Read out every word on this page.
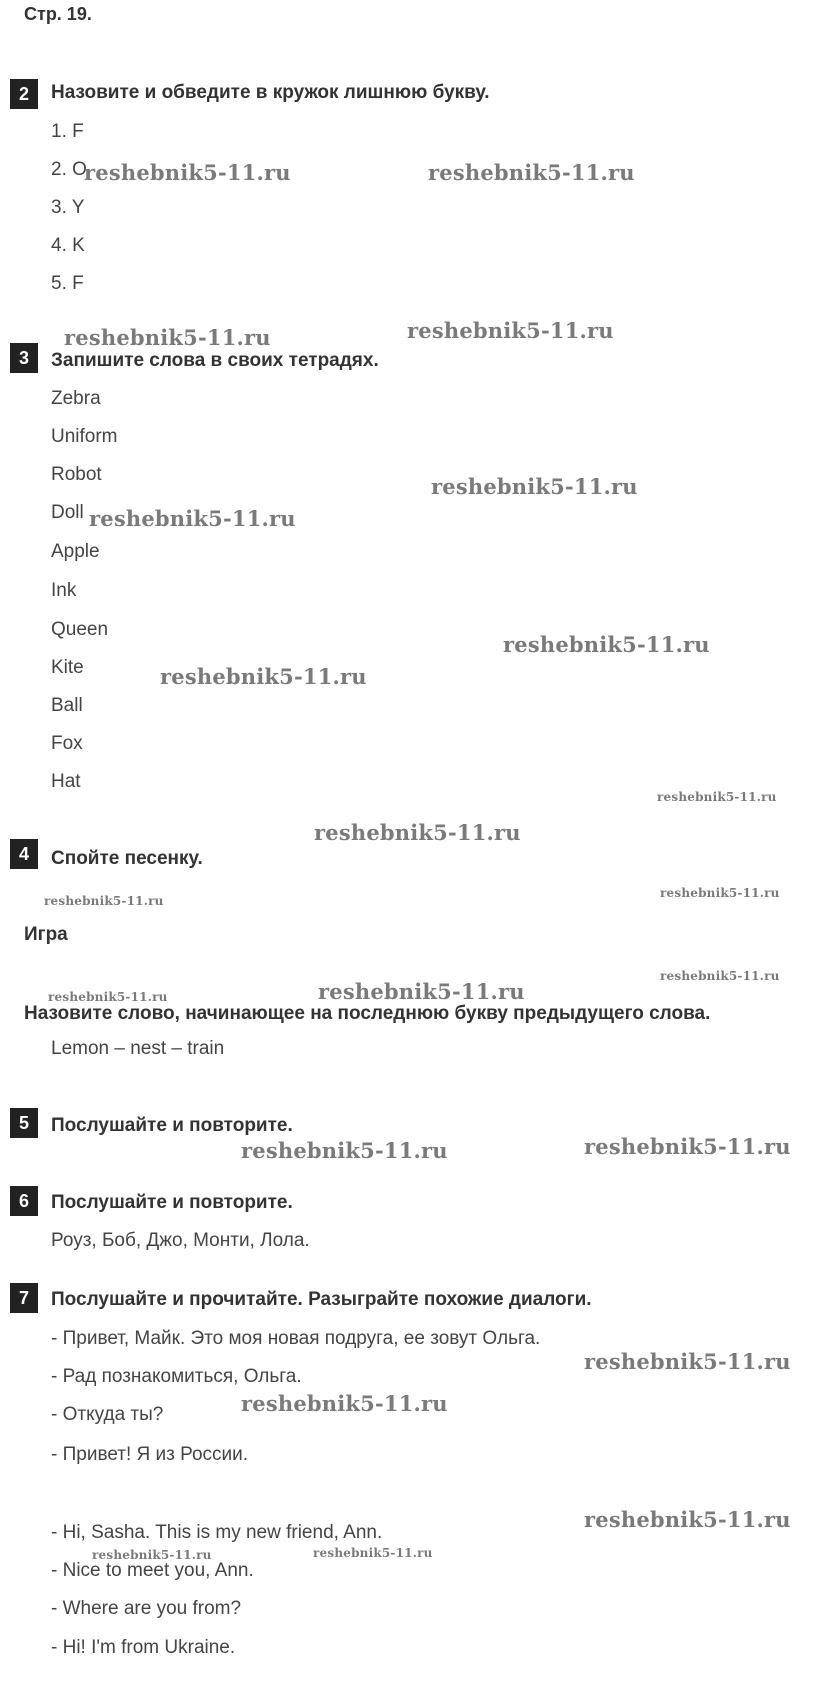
Стр. 19.
2	Назовите и обведите в кружок лишнюю букву.
1. F
2. O
3. Y
4. K
5. F
3	Запишите слова в своих тетрадях.
Zebra
Uniform
Robot
Doll
Apple
Ink
Queen
Kite
Ball
Fox
Hat
4	Спойте песенку.
Игра
Назовите слово, начинающее на последнюю букву предыдущего слова.
Lemon – nest – train
5	Послушайте и повторите.
6	Послушайте и повторите.
Роуз, Боб, Джо, Монти, Лола.
7	Послушайте и прочитайте. Разыграйте похожие диалоги.
- Привет, Майк. Это моя новая подруга, ее зовут Ольга.
- Рад познакомиться, Ольга.
- Откуда ты?
- Привет! Я из России.
- Hi, Sasha. This is my new friend, Ann.
- Nice to meet you, Ann.
- Where are you from?
- Hi! I'm from Ukraine.
reshebnik5-11.ru	reshebnik5-11.ru
reshebnik5-11.ru	reshebnik5-11.ru
reshebnik5-11.ru
reshebnik5-11.ru
reshebnik5-11.ru
reshebnik5-11.ru
reshebnik5-11.ru
reshebnik5-11.ru
reshebnik5-11.ru
reshebnik5-11.ru
reshebnik5-11.ru
reshebnik5-11.ru	reshebnik5-11.ru
reshebnik5-11.ru	reshebnik5-11.ru
reshebnik5-11.ru
reshebnik5-11.ru
reshebnik5-11.ru
reshebnik5-11.ru	reshebnik5-11.ru
